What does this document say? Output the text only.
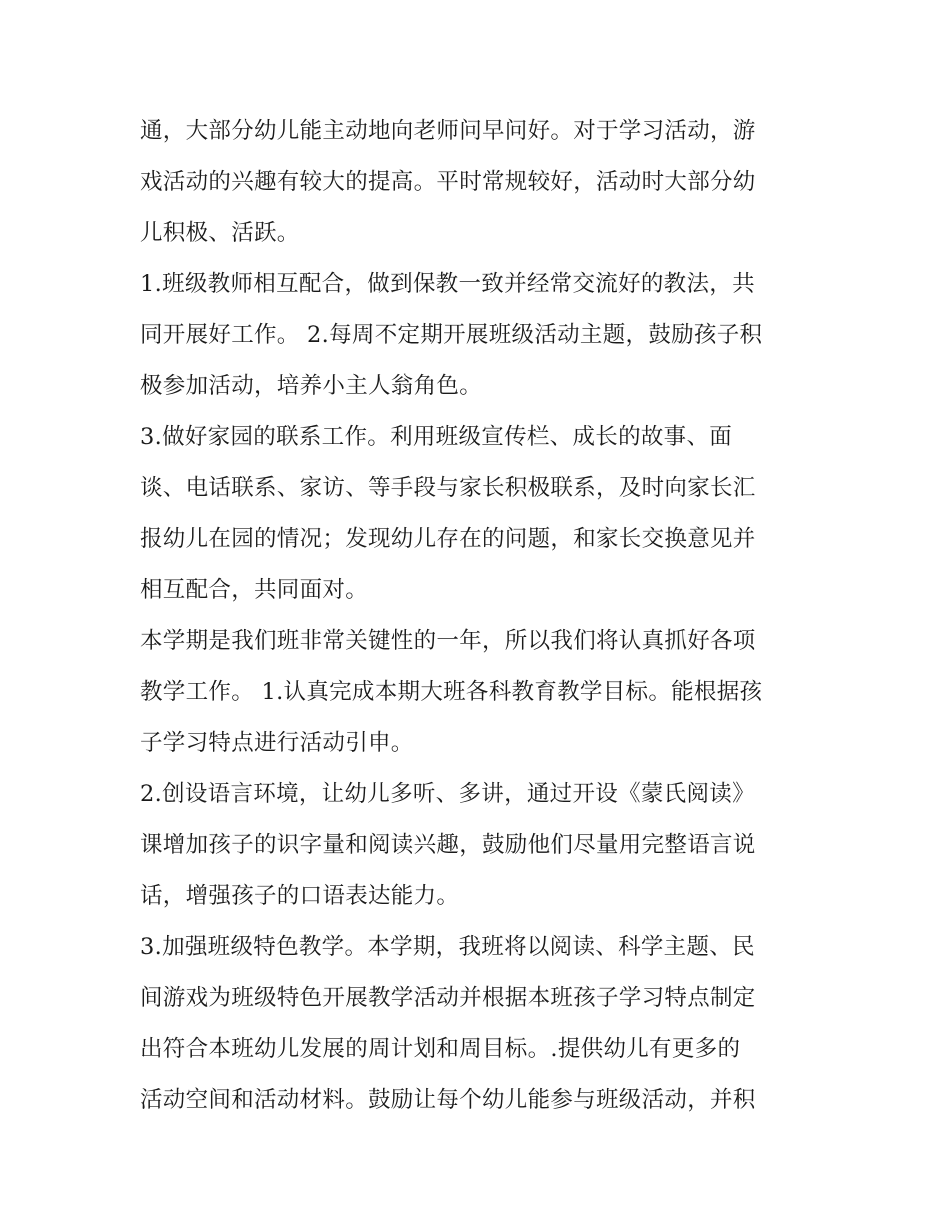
通，大部分幼儿能主动地向老师问早问好。对于学习活动，游
戏活动的兴趣有较大的提高。平时常规较好，活动时大部分幼
儿积极、活跃。
1.班级教师相互配合，做到保教一致并经常交流好的教法，共
同开展好工作。 2.每周不定期开展班级活动主题，鼓励孩子积
极参加活动，培养小主人翁角色。
3.做好家园的联系工作。利用班级宣传栏、成长的故事、面
谈、电话联系、家访、等手段与家长积极联系，及时向家长汇
报幼儿在园的情况；发现幼儿存在的问题，和家长交换意见并
相互配合，共同面对。
本学期是我们班非常关键性的一年，所以我们将认真抓好各项
教学工作。 1.认真完成本期大班各科教育教学目标。能根据孩
子学习特点进行活动引申。
2.创设语言环境，让幼儿多听、多讲，通过开设《蒙氏阅读》
课增加孩子的识字量和阅读兴趣，鼓励他们尽量用完整语言说
话，增强孩子的口语表达能力。
3.加强班级特色教学。本学期，我班将以阅读、科学主题、民
间游戏为班级特色开展教学活动并根据本班孩子学习特点制定
出符合本班幼儿发展的周计划和周目标。.提供幼儿有更多的
活动空间和活动材料。鼓励让每个幼儿能参与班级活动，并积
